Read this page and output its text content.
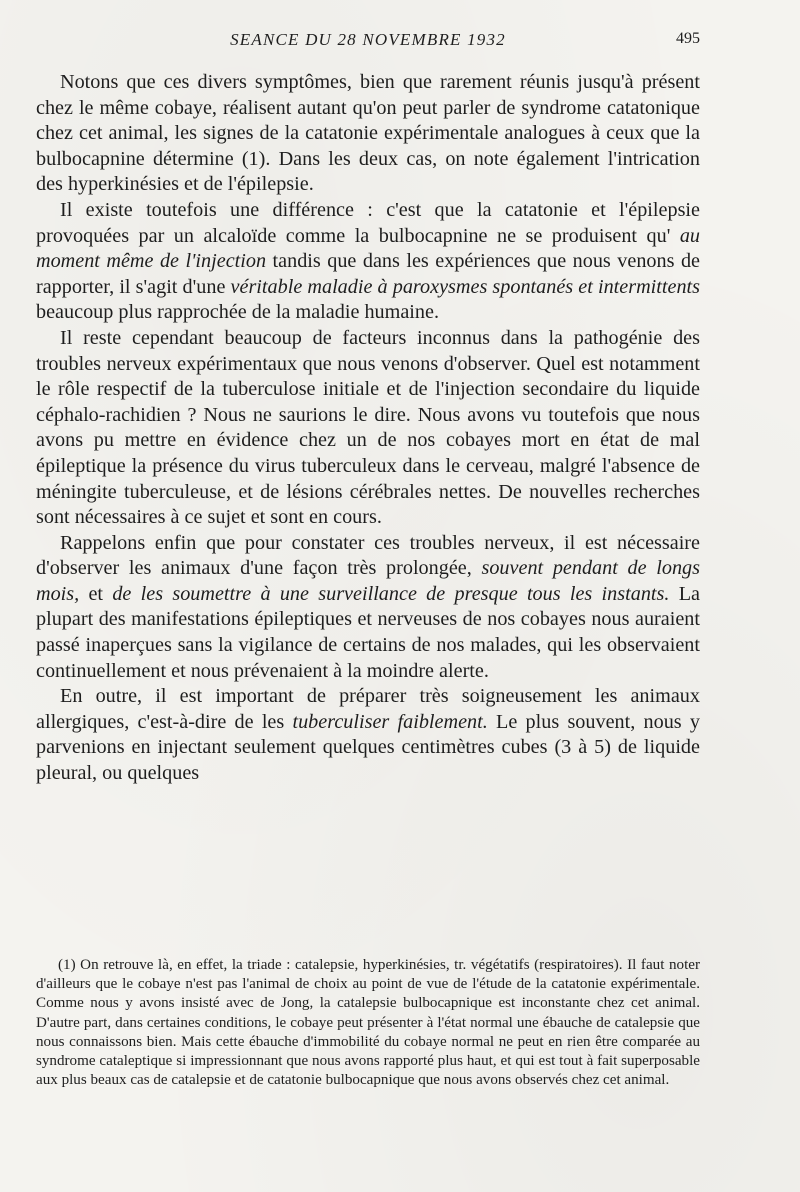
SEANCE DU 28 NOVEMBRE 1932	495

Notons que ces divers symptômes, bien que rarement réunis jusqu'à présent chez le même cobaye, réalisent autant qu'on peut parler de syndrome catatonique chez cet animal, les signes de la catatonie expérimentale analogues à ceux que la bulbocapnine détermine (1). Dans les deux cas, on note également l'intrication des hyperkinésies et de l'épilepsie.

Il existe toutefois une différence : c'est que la catatonie et l'épilepsie provoquées par un alcaloïde comme la bulbocapnine ne se produisent qu' au moment même de l'injection tandis que dans les expériences que nous venons de rapporter, il s'agit d'une véritable maladie à paroxysmes spontanés et intermittents beaucoup plus rapprochée de la maladie humaine.

Il reste cependant beaucoup de facteurs inconnus dans la pathogénie des troubles nerveux expérimentaux que nous venons d'observer. Quel est notamment le rôle respectif de la tuberculose initiale et de l'injection secondaire du liquide céphalo-rachidien ? Nous ne saurions le dire. Nous avons vu toutefois que nous avons pu mettre en évidence chez un de nos cobayes mort en état de mal épileptique la présence du virus tuberculeux dans le cerveau, malgré l'absence de méningite tuberculeuse, et de lésions cérébrales nettes. De nouvelles recherches sont nécessaires à ce sujet et sont en cours.

Rappelons enfin que pour constater ces troubles nerveux, il est nécessaire d'observer les animaux d'une façon très prolongée, souvent pendant de longs mois, et de les soumettre à une surveillance de presque tous les instants. La plupart des manifestations épileptiques et nerveuses de nos cobayes nous auraient passé inaperçues sans la vigilance de certains de nos malades, qui les observaient continuellement et nous prévenaient à la moindre alerte.

En outre, il est important de préparer très soigneusement les animaux allergiques, c'est-à-dire de les tuberculiser faiblement. Le plus souvent, nous y parvenions en injectant seulement quelques centimètres cubes (3 à 5) de liquide pleural, ou quelques

(1) On retrouve là, en effet, la triade : catalepsie, hyperkinésies, tr. végétatifs (respiratoires). Il faut noter d'ailleurs que le cobaye n'est pas l'animal de choix au point de vue de l'étude de la catatonie expérimentale. Comme nous y avons insisté avec de Jong, la catalepsie bulbocapnique est inconstante chez cet animal. D'autre part, dans certaines conditions, le cobaye peut présenter à l'état normal une ébauche de catalepsie que nous connaissons bien. Mais cette ébauche d'immobilité du cobaye normal ne peut en rien être comparée au syndrome cataleptique si impressionnant que nous avons rapporté plus haut, et qui est tout à fait superposable aux plus beaux cas de catalepsie et de catatonie bulbocapnique que nous avons observés chez cet animal.
